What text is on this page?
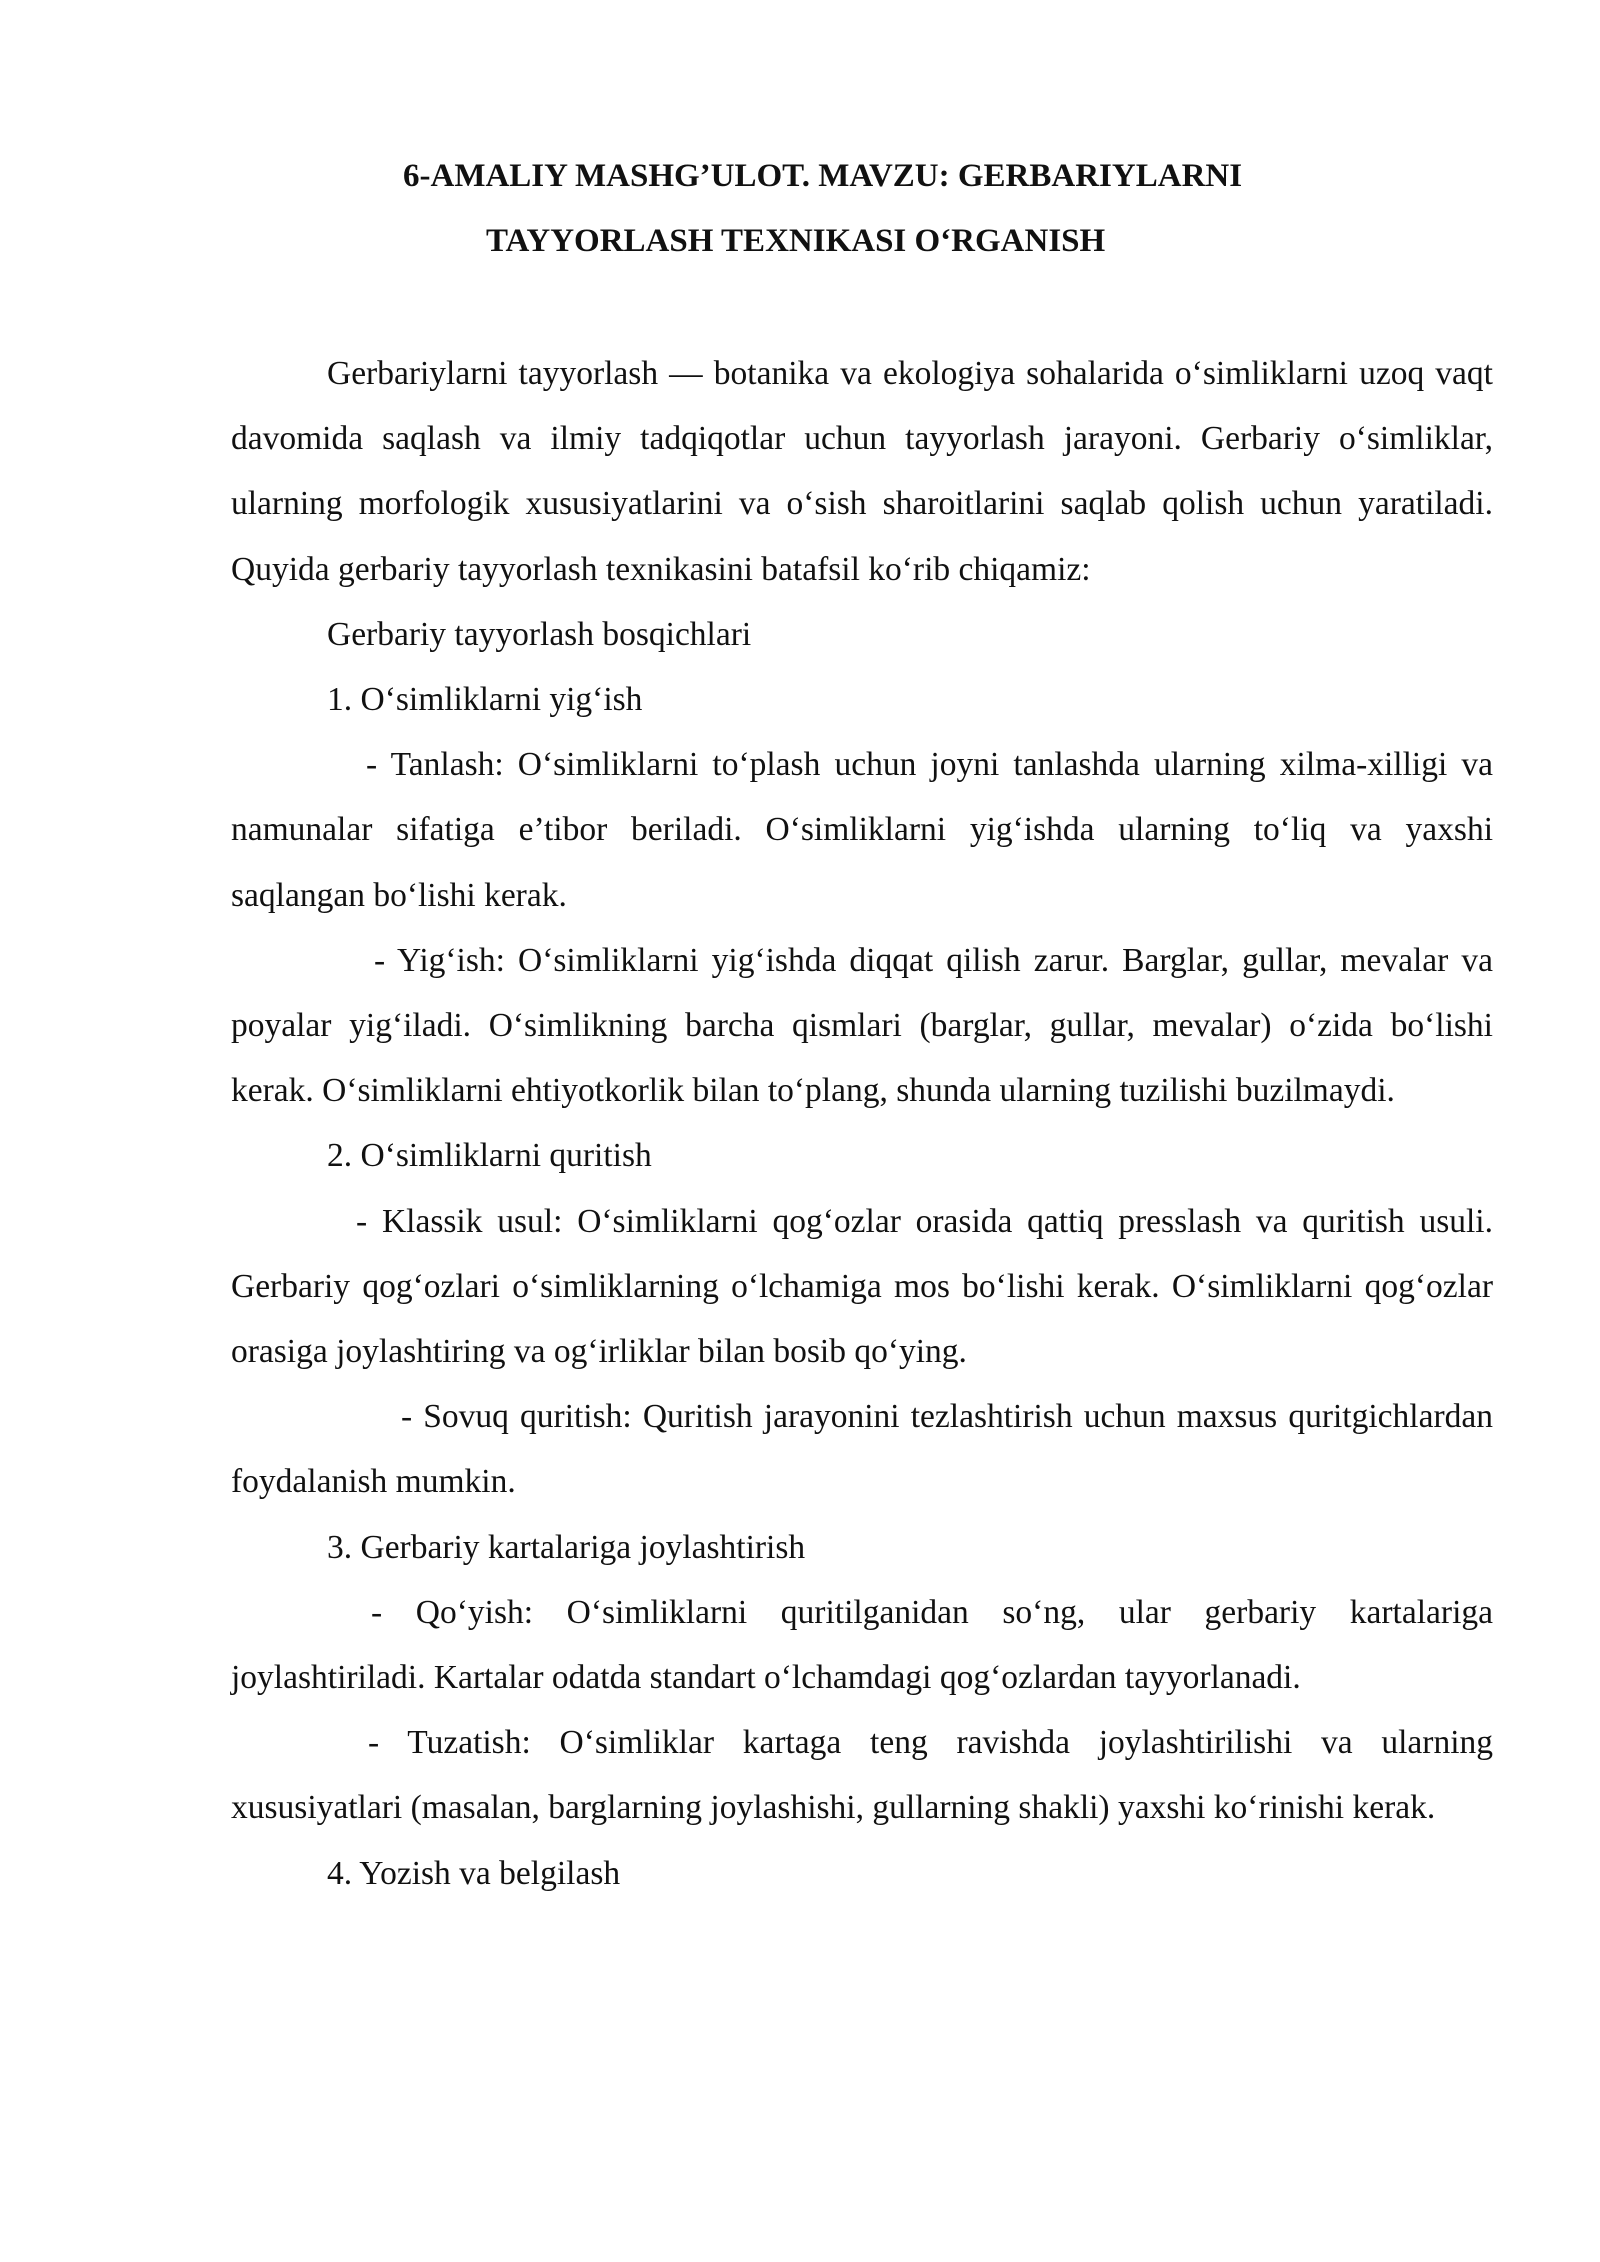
6-AMALIY MASHG’ULOT. MAVZU: GERBARIYLARNI
TAYYORLASH TEXNIKASI O‘RGANISH

Gerbariylarni tayyorlash — botanika va ekologiya sohalarida o‘simliklarni uzoq vaqt davomida saqlash va ilmiy tadqiqotlar uchun tayyorlash jarayoni. Gerbariy o‘simliklar, ularning morfologik xususiyatlarini va o‘sish sharoitlarini saqlab qolish uchun yaratiladi. Quyida gerbariy tayyorlash texnikasini batafsil ko‘rib chiqamiz:

Gerbariy tayyorlash bosqichlari

1. O‘simliklarni yig‘ish

- Tanlash: O‘simliklarni to‘plash uchun joyni tanlashda ularning xilma-xilligi va namunalar sifatiga e’tibor beriladi. O‘simliklarni yig‘ishda ularning to‘liq va yaxshi saqlangan bo‘lishi kerak.

- Yig‘ish: O‘simliklarni yig‘ishda diqqat qilish zarur. Barglar, gullar, mevalar va poyalar yig‘iladi. O‘simlikning barcha qismlari (barglar, gullar, mevalar) o‘zida bo‘lishi kerak. O‘simliklarni ehtiyotkorlik bilan to‘plang, shunda ularning tuzilishi buzilmaydi.

2. O‘simliklarni quritish

- Klassik usul: O‘simliklarni qog‘ozlar orasida qattiq presslash va quritish usuli. Gerbariy qog‘ozlari o‘simliklarning o‘lchamiga mos bo‘lishi kerak. O‘simliklarni qog‘ozlar orasiga joylashtiring va og‘irliklar bilan bosib qo‘ying.

- Sovuq quritish: Quritish jarayonini tezlashtirish uchun maxsus quritgichlardan foydalanish mumkin.

3. Gerbariy kartalariga joylashtirish

- Qo‘yish: O‘simliklarni quritilganidan so‘ng, ular gerbariy kartalariga joylashtiriladi. Kartalar odatda standart o‘lchamdagi qog‘ozlardan tayyorlanadi.

- Tuzatish: O‘simliklar kartaga teng ravishda joylashtirilishi va ularning xususiyatlari (masalan, barglarning joylashishi, gullarning shakli) yaxshi ko‘rinishi kerak.

4. Yozish va belgilash
